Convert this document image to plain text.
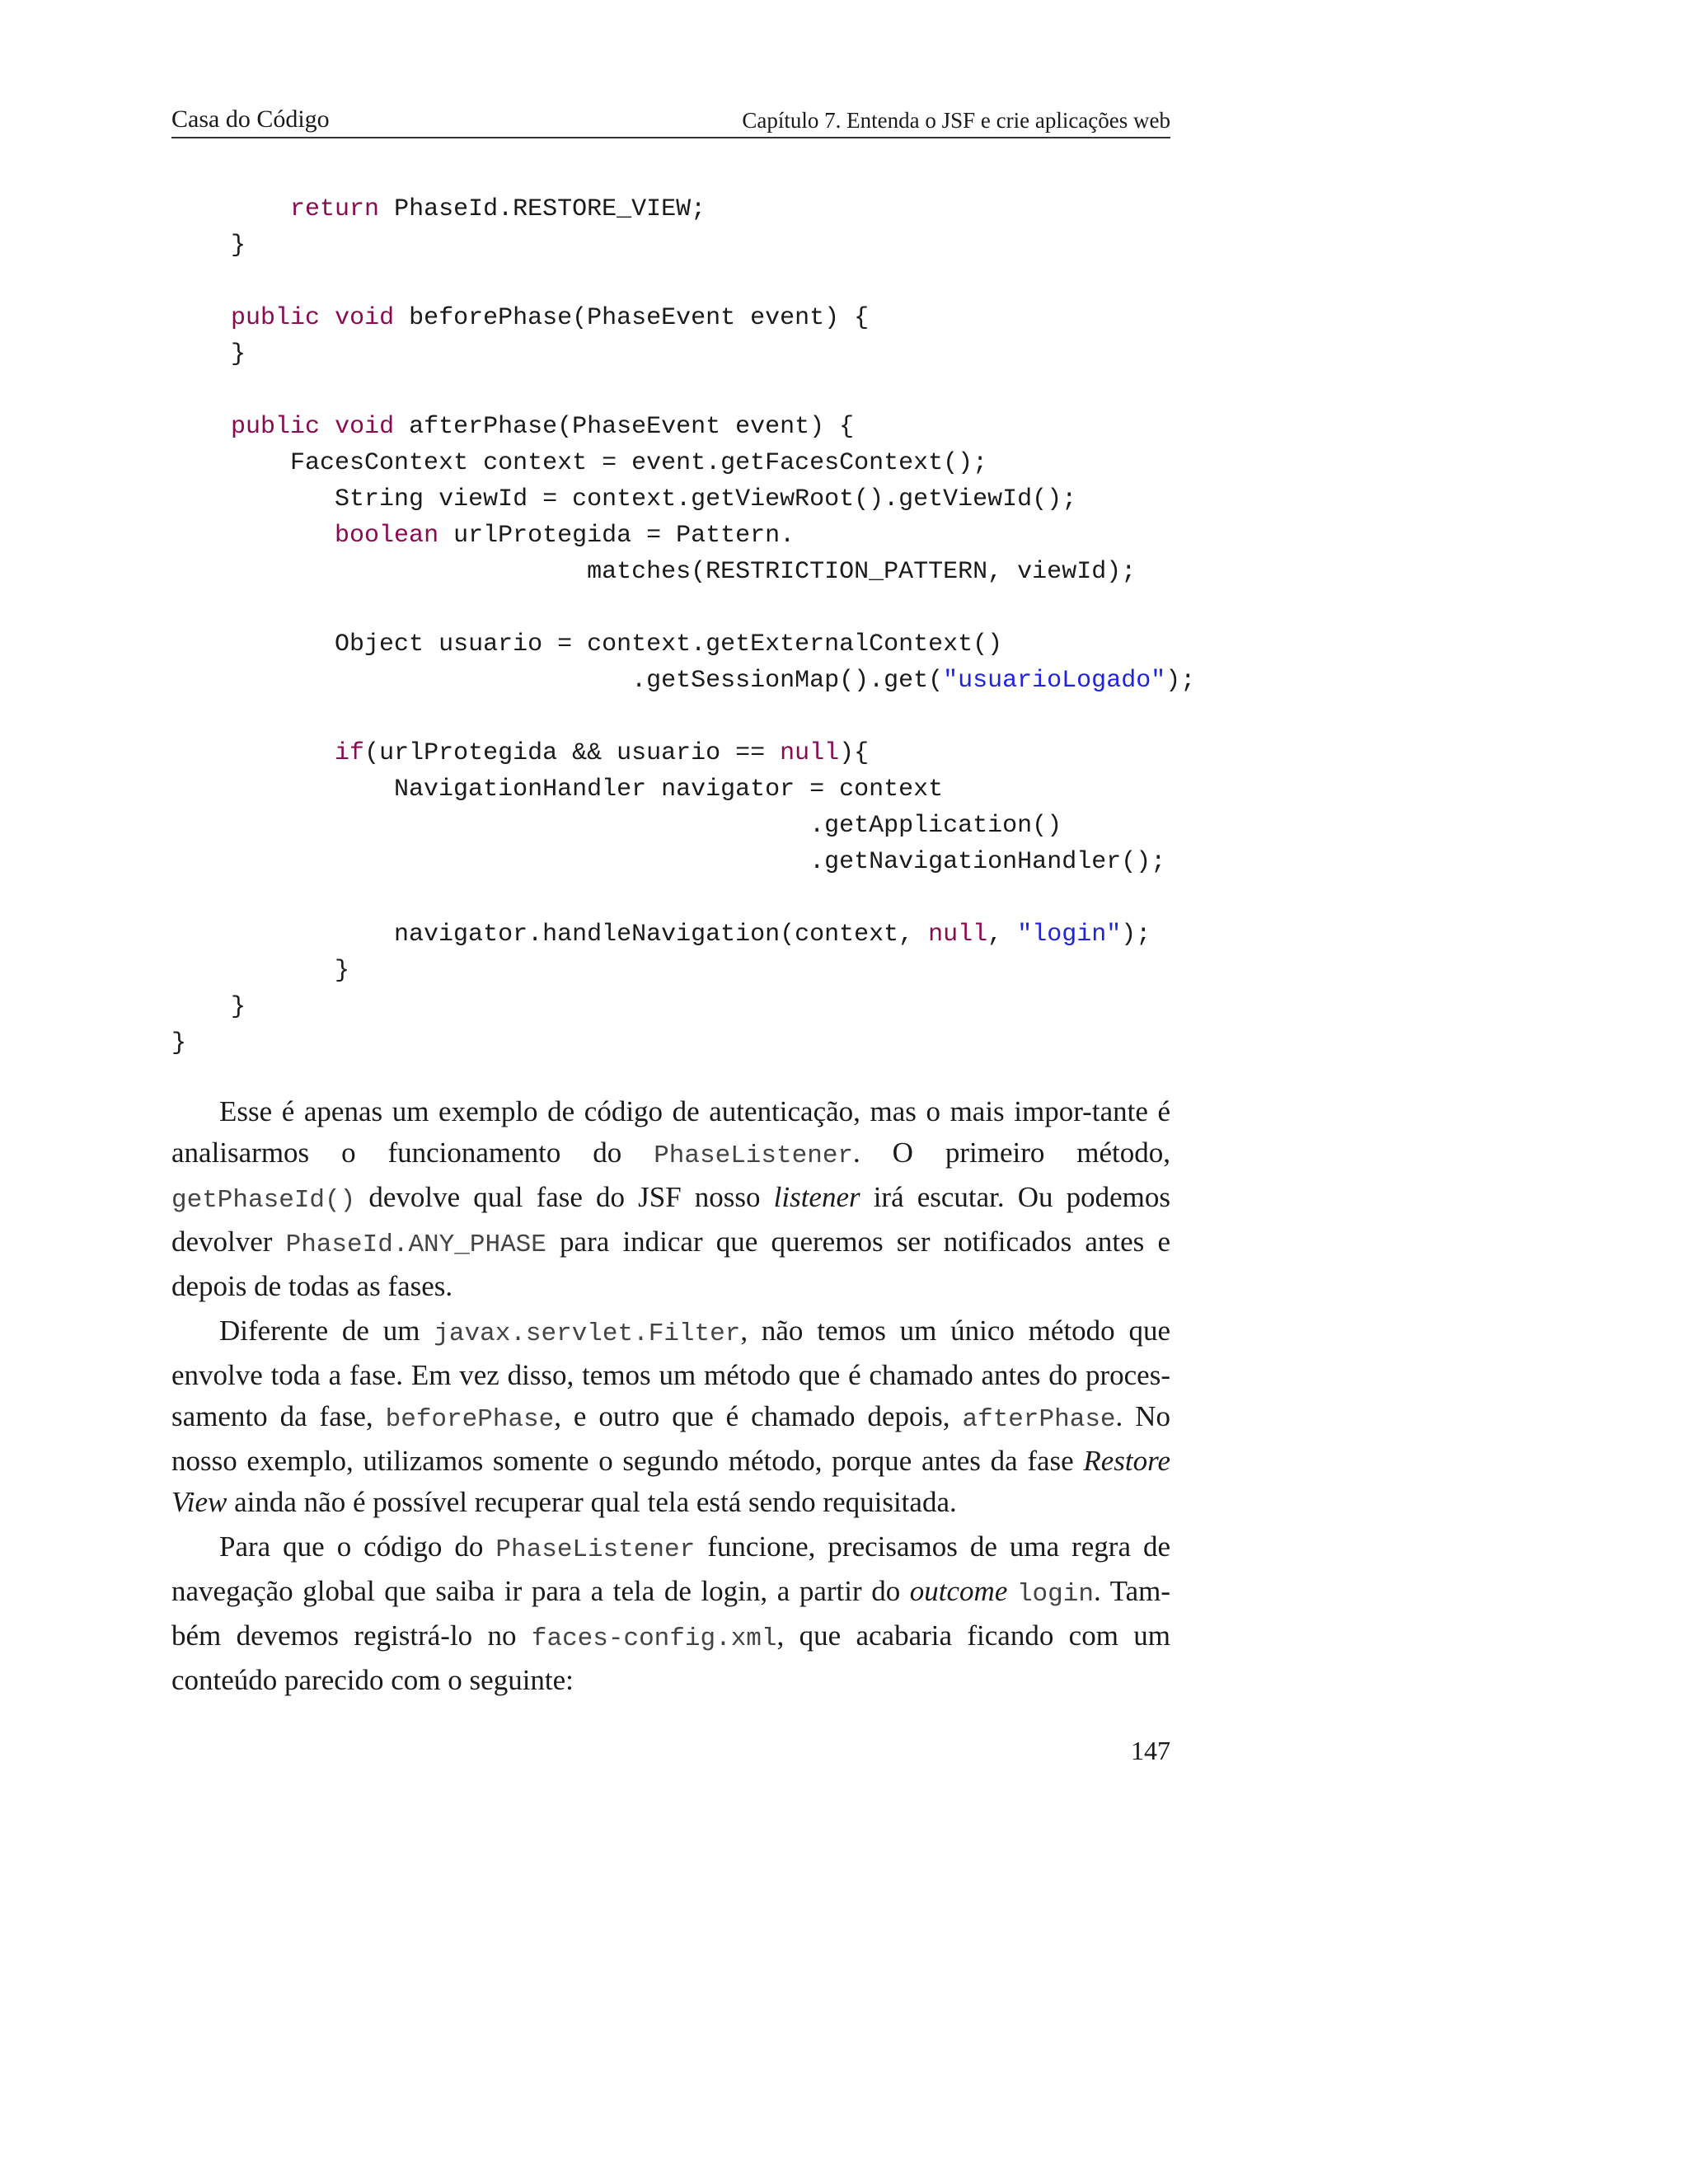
Casa do Código	Capítulo 7. Entenda o JSF e crie aplicações web
return PhaseId.RESTORE_VIEW;
}
public void beforePhase(PhaseEvent event) {
}
public void afterPhase(PhaseEvent event) {
FacesContext context = event.getFacesContext();
String viewId = context.getViewRoot().getViewId();
boolean urlProtegida = Pattern.
matches(RESTRICTION_PATTERN, viewId);
Object usuario = context.getExternalContext()
.getSessionMap().get("usuarioLogado");
if(urlProtegida && usuario == null){
NavigationHandler navigator = context
.getApplication()
.getNavigationHandler();
navigator.handleNavigation(context, null, "login");
}
}
}

Esse é apenas um exemplo de código de autenticação, mas o mais impor-tante é analisarmos o funcionamento do PhaseListener. O primeiro método, getPhaseId() devolve qual fase do JSF nosso listener irá escutar. Ou podemos devolver PhaseId.ANY_PHASE para indicar que queremos ser notificados antes e depois de todas as fases.

Diferente de um javax.servlet.Filter, não temos um único método que envolve toda a fase. Em vez disso, temos um método que é chamado antes do proces-samento da fase, beforePhase, e outro que é chamado depois, afterPhase. No nosso exemplo, utilizamos somente o segundo método, porque antes da fase Restore View ainda não é possível recuperar qual tela está sendo requisitada.

Para que o código do PhaseListener funcione, precisamos de uma regra de navegação global que saiba ir para a tela de login, a partir do outcome login. Tam-bém devemos registrá-lo no faces-config.xml, que acabaria ficando com um conteúdo parecido com o seguinte:

147
